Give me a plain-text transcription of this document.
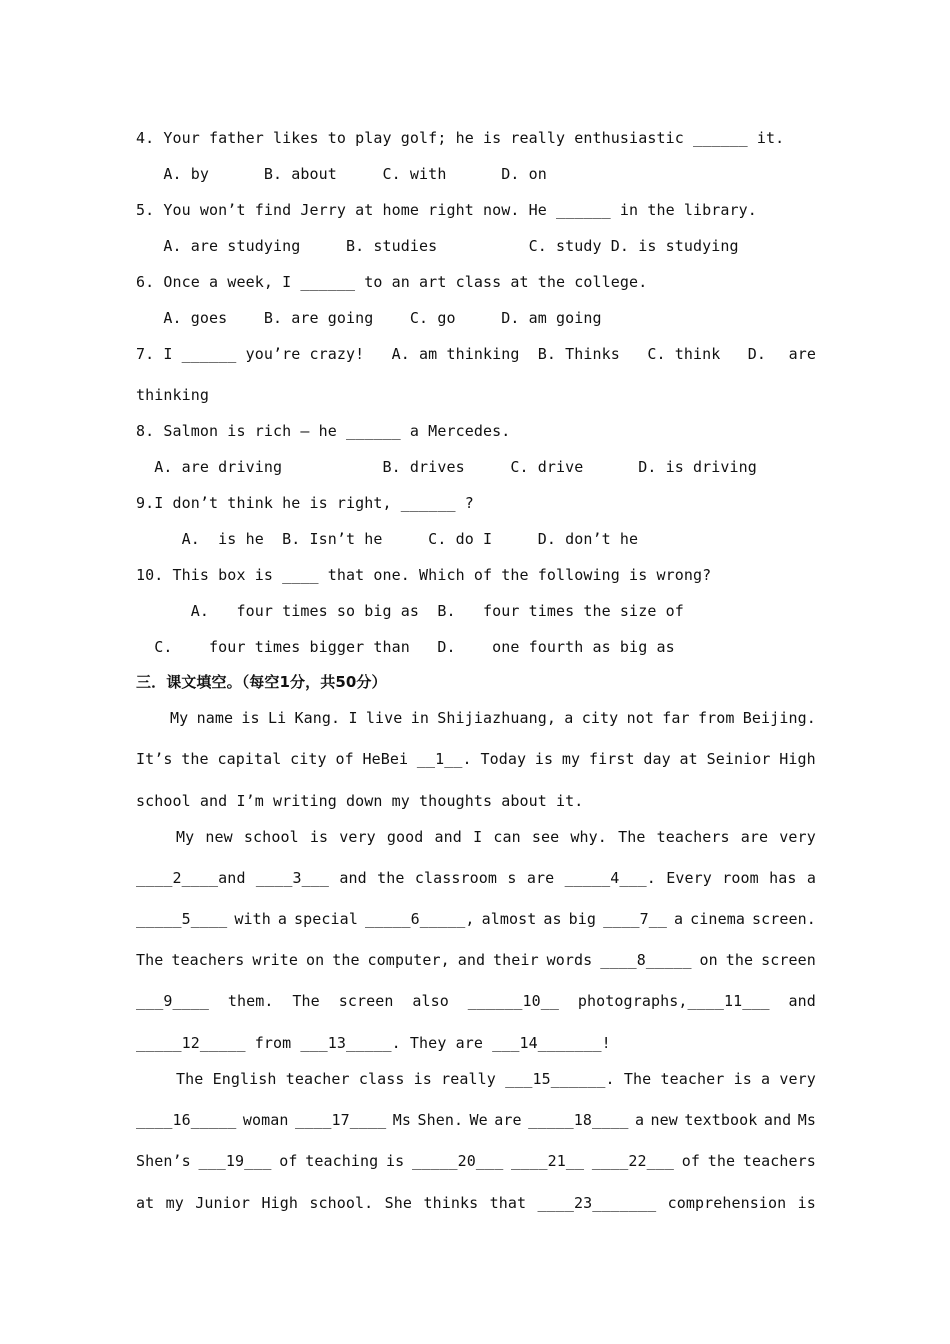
4. Your father likes to play golf; he is really enthusiastic ______ it.
A. by      B. about     C. with      D. on
5. You won’t find Jerry at home right now. He ______ in the library.
A. are studying     B. studies          C. study D. is studying
6. Once a week, I ______ to an art class at the college.
A. goes    B. are going    C. go     D. am going
7. I ______ you’re crazy!   A. am thinking  B. Thinks   C. think   D. are
thinking
8. Salmon is rich — he ______ a Mercedes.
A. are driving           B. drives     C. drive      D. is driving
9.I don’t think he is right, ______ ?
A.  is he  B. Isn’t he     C. do I     D. don’t he
10. This box is ____ that one. Which of the following is wrong?
A.   four times so big as  B.   four times the size of
C.    four times bigger than   D.    one fourth as big as
三．课文填空。（每空1分，共50分）
My name is Li Kang. I live in Shijiazhuang, a city not far from Beijing.
It’s the capital city of HeBei __1__. Today is my first day at Seinior High
school and I’m writing down my thoughts about it.
My new school is very good and I can see why. The teachers are very
____2____and ____3___ and the classroom s are _____4___. Every room has a
_____5____ with a special _____6_____, almost as big ____7__ a cinema screen.
The teachers write on the computer, and their words ____8_____ on the screen
___9____ them. The screen also ______10__ photographs,____11___ and
_____12_____ from ___13_____. They are ___14_______!
The English teacher class is really ___15______. The teacher is a very
____16_____ woman ____17____ Ms Shen. We are _____18____ a new textbook and Ms
Shen’s ___19___ of teaching is _____20___ ____21__ ____22___ of the teachers
at my Junior High school. She thinks that ____23_______ comprehension is
